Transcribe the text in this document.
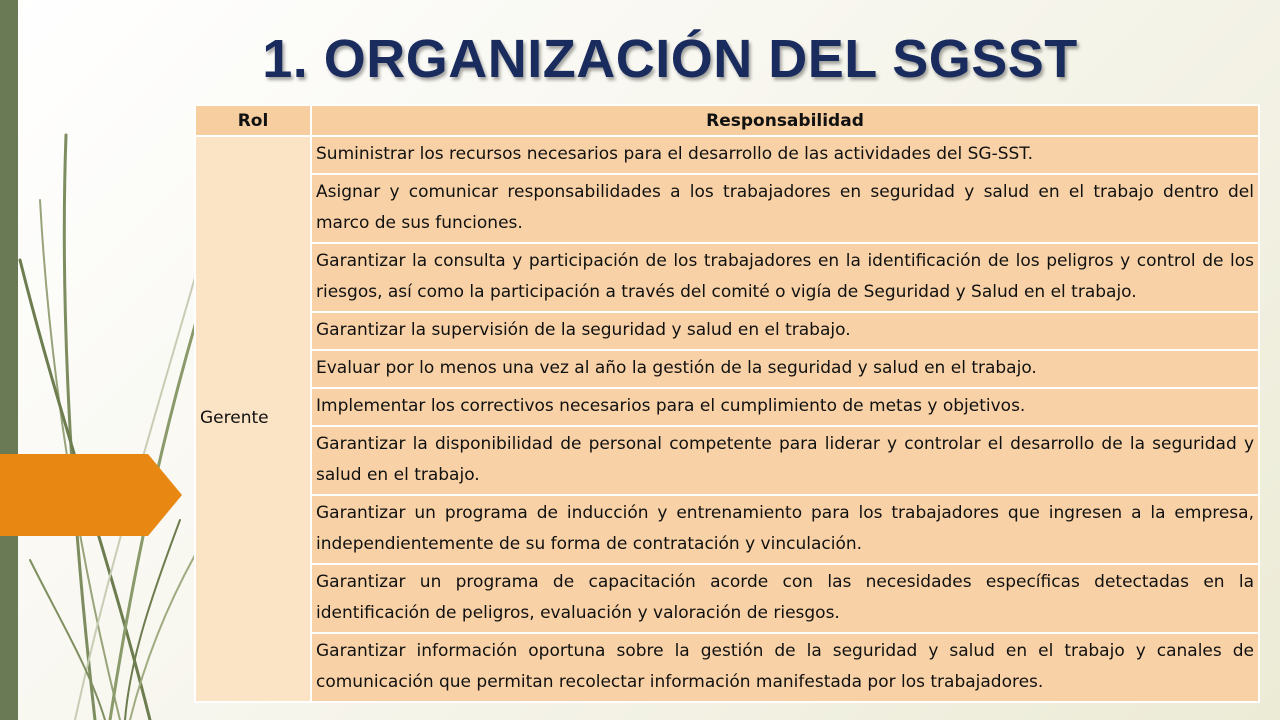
1. ORGANIZACIÓN DEL SGSST
Rol	Responsabilidad
Gerente	Suministrar los recursos necesarios para el desarrollo de las actividades del SG-SST.
	Asignar y comunicar responsabilidades a los trabajadores en seguridad y salud en el trabajo dentro del marco de sus funciones.
	Garantizar la consulta y participación de los trabajadores en la identificación de los peligros y control de los riesgos, así como la participación a través del comité o vigía de Seguridad y Salud en el trabajo.
	Garantizar la supervisión de la seguridad y salud en el trabajo.
	Evaluar por lo menos una vez al año la gestión de la seguridad y salud en el trabajo.
	Implementar los correctivos necesarios para el cumplimiento de metas y objetivos.
	Garantizar la disponibilidad de personal competente para liderar y controlar el desarrollo de la seguridad y salud en el trabajo.
	Garantizar un programa de inducción y entrenamiento para los trabajadores que ingresen a la empresa, independientemente de su forma de contratación y vinculación.
	Garantizar un programa de capacitación acorde con las necesidades específicas detectadas en la identificación de peligros, evaluación y valoración de riesgos.
	Garantizar información oportuna sobre la gestión de la seguridad y salud en el trabajo y canales de comunicación que permitan recolectar información manifestada por los trabajadores.
